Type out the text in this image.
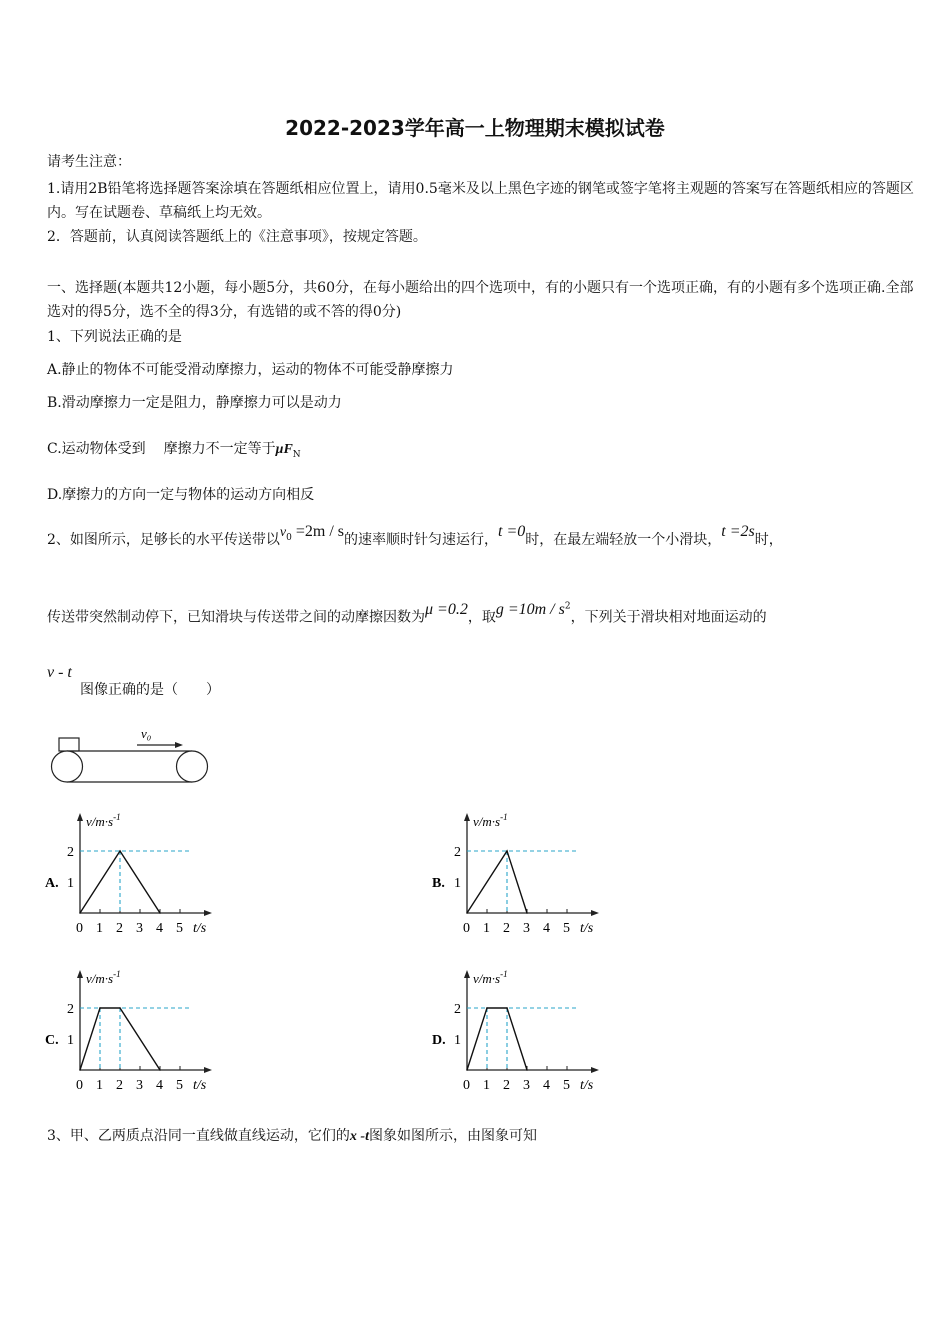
2022-2023学年高一上物理期末模拟试卷
请考生注意：
1.请用2B铅笔将选择题答案涂填在答题纸相应位置上，请用0.5毫米及以上黑色字迹的钢笔或签字笔将主观题的答案写在答题纸相应的答题区内。写在试题卷、草稿纸上均无效。
2．答题前，认真阅读答题纸上的《注意事项》，按规定答题。
一、选择题(本题共12小题，每小题5分，共60分，在每小题给出的四个选项中，有的小题只有一个选项正确，有的小题有多个选项正确.全部选对的得5分，选不全的得3分，有选错的或不答的得0分)
1、下列说法正确的是
A.静止的物体不可能受滑动摩擦力，运动的物体不可能受静摩擦力
B.滑动摩擦力一定是阻力，静摩擦力可以是动力
C.运动物体受到 摩擦力不一定等于$\mu F_N$
D.摩擦力的方向一定与物体的运动方向相反
2、如图所示，足够长的水平传送带以$v_0 =2m / s$的速率顺时针匀速运行，t =0时，在最左端轻放一个小滑块，t =2s时，
传送带突然制动停下，已知滑块与传送带之间的动摩擦因数为μ =0.2，取$g =10m / s^2$，下列关于滑块相对地面运动的
v - t
图像正确的是（　　）
v₀
$v/m\cdot s^{-1}$
2
1
0 1 2 3 4 5 t/s
A.
$v/m\cdot s^{-1}$
2
1
0 1 2 3 4 5 t/s
B.
$v/m\cdot s^{-1}$
2
1
0 1 2 3 4 5 t/s
C.
$v/m\cdot s^{-1}$
2
1
0 1 2 3 4 5 t/s
D.
3、甲、乙两质点沿同一直线做直线运动，它们的x -t图象如图所示，由图象可知
